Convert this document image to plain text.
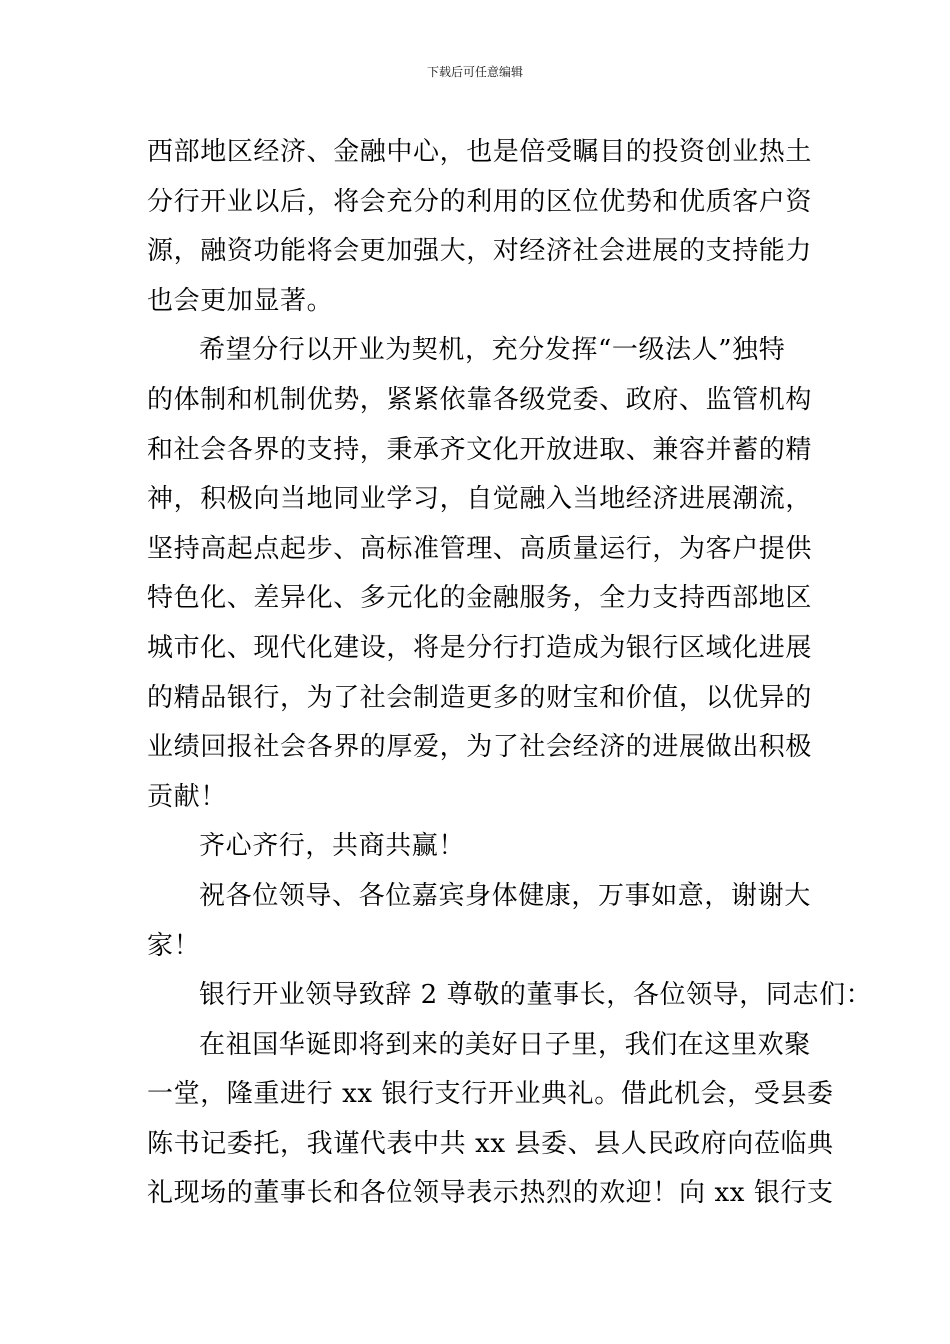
下载后可任意编辑
西部地区经济、金融中心，也是倍受瞩目的投资创业热土
分行开业以后，将会充分的利用的区位优势和优质客户资
源，融资功能将会更加强大，对经济社会进展的支持能力
也会更加显著。
希望分行以开业为契机，充分发挥“一级法人”独特
的体制和机制优势，紧紧依靠各级党委、政府、监管机构
和社会各界的支持，秉承齐文化开放进取、兼容并蓄的精
神，积极向当地同业学习，自觉融入当地经济进展潮流，
坚持高起点起步、高标准管理、高质量运行，为客户提供
特色化、差异化、多元化的金融服务，全力支持西部地区
城市化、现代化建设，将是分行打造成为银行区域化进展
的精品银行，为了社会制造更多的财宝和价值，以优异的
业绩回报社会各界的厚爱，为了社会经济的进展做出积极
贡献！
齐心齐行，共商共赢！
祝各位领导、各位嘉宾身体健康，万事如意，谢谢大
家！
银行开业领导致辞 2 尊敬的董事长，各位领导，同志们：
在祖国华诞即将到来的美好日子里，我们在这里欢聚
一堂，隆重进行 xx 银行支行开业典礼。借此机会，受县委
陈书记委托，我谨代表中共 xx 县委、县人民政府向莅临典
礼现场的董事长和各位领导表示热烈的欢迎！向 xx 银行支
